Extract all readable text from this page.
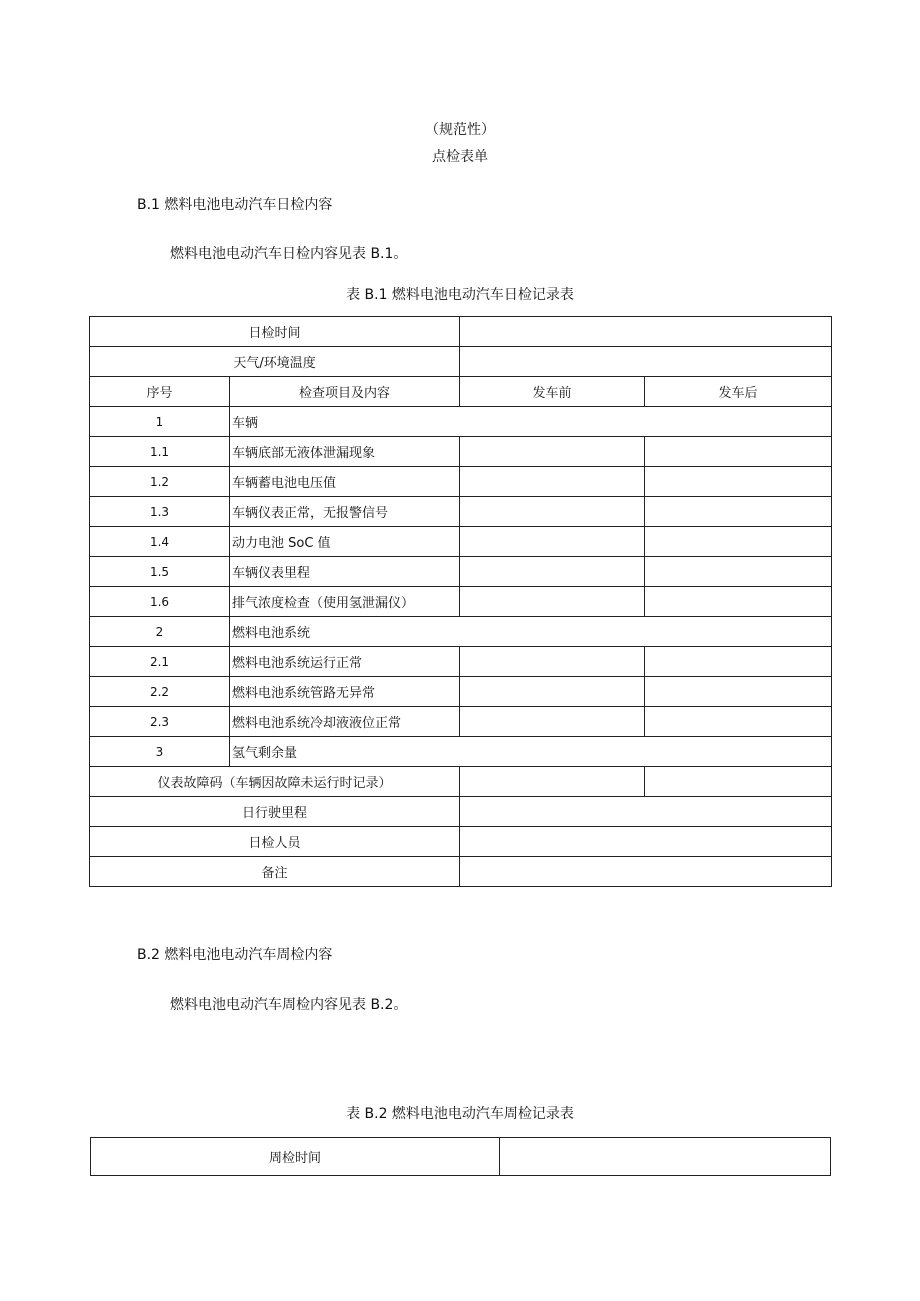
（规范性）
点检表单
B.1 燃料电池电动汽车日检内容
燃料电池电动汽车日检内容见表 B.1。
表 B.1 燃料电池电动汽车日检记录表
日检时间			
天气/环境温度			
序号	检查项目及内容	发车前	发车后
1	车辆		
1.1	车辆底部无液体泄漏现象		
1.2	车辆蓄电池电压值		
1.3	车辆仪表正常，无报警信号		
1.4	动力电池 SoC 值		
1.5	车辆仪表里程		
1.6	排气浓度检查（使用氢泄漏仪）		
2	燃料电池系统		
2.1	燃料电池系统运行正常		
2.2	燃料电池系统管路无异常		
2.3	燃料电池系统冷却液液位正常		
3	氢气剩余量		
仪表故障码（车辆因故障未运行时记录）			
日行驶里程			
日检人员			
备注			
B.2 燃料电池电动汽车周检内容
燃料电池电动汽车周检内容见表 B.2。
表 B.2 燃料电池电动汽车周检记录表
周检时间	
